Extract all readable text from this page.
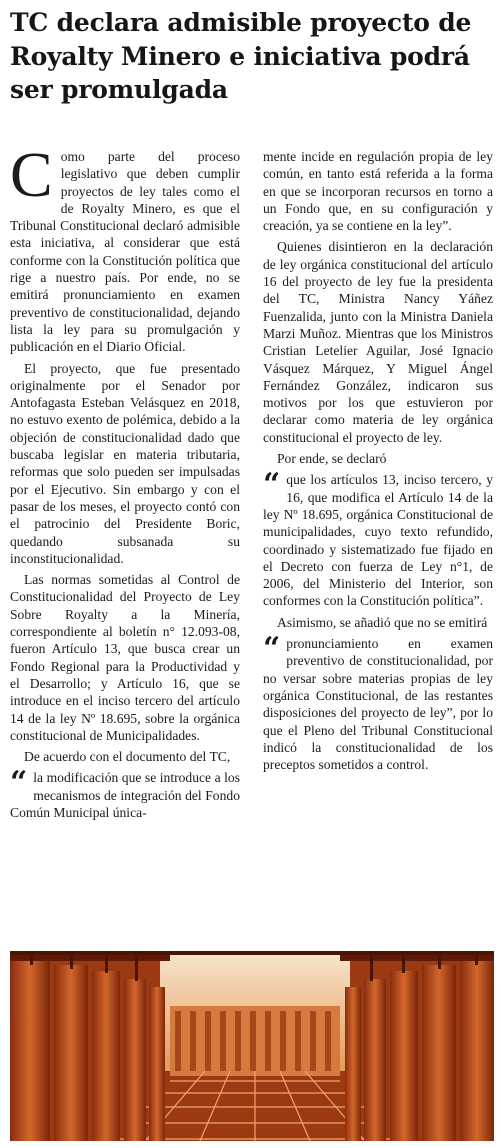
TC declara admisible proyecto de Royalty Minero e iniciativa podrá ser promulgada

Como parte del proceso legislativo que deben cumplir proyectos de ley tales como el de Royalty Minero, es que el Tribunal Constitucional declaró admisible esta iniciativa, al considerar que está conforme con la Constitución política que rige a nuestro país. Por ende, no se emitirá pronunciamiento en examen preventivo de constitucionalidad, dejando lista la ley para su promulgación y publicación en el Diario Oficial.

El proyecto, que fue presentado originalmente por el Senador por Antofagasta Esteban Velásquez en 2018, no estuvo exento de polémica, debido a la objeción de constitucionalidad dado que buscaba legislar en materia tributaria, reformas que solo pueden ser impulsadas por el Ejecutivo. Sin embargo y con el pasar de los meses, el proyecto contó con el patrocinio del Presidente Boric, quedando subsanada su inconstitucionalidad.

Las normas sometidas al Control de Constitucionalidad del Proyecto de Ley Sobre Royalty a la Minería, correspondiente al boletín n° 12.093-08, fueron Artículo 13, que busca crear un Fondo Regional para la Productividad y el Desarrollo; y Artículo 16, que se introduce en el inciso tercero del artículo 14 de la ley Nº 18.695, sobre la orgánica constitucional de Municipalidades.

De acuerdo con el documento del TC,

“ la modificación que se introduce a los mecanismos de integración del Fondo Común Municipal única-

mente incide en regulación propia de ley común, en tanto está referida a la forma en que se incorporan recursos en torno a un Fondo que, en su configuración y creación, ya se contiene en la ley”.

Quienes disintieron en la declaración de ley orgánica constitucional del artículo 16 del proyecto de ley fue la presidenta del TC, Ministra Nancy Yáñez Fuenzalida, junto con la Ministra Daniela Marzi Muñoz. Mientras que los Ministros Cristian Letelier Aguilar, José Ignacio Vásquez Márquez, Y Miguel Ángel Fernández González, indicaron sus motivos por los que estuvieron por declarar como materia de ley orgánica constitucional el proyecto de ley.

Por ende, se declaró

“ que los artículos 13, inciso tercero, y 16, que modifica el Artículo 14 de la ley Nº 18.695, orgánica Constitucional de municipalidades, cuyo texto refundido, coordinado y sistematizado fue fijado en el Decreto con fuerza de Ley n°1, de 2006, del Ministerio del Interior, son conformes con la Constitución política”.

Asimismo, se añadió que no se emitirá

“ pronunciamiento en examen preventivo de constitucionalidad, por no versar sobre materias propias de ley orgánica Constitucional, de las restantes disposiciones del proyecto de ley”, por lo que el Pleno del Tribunal Constitucional indicó la constitucionalidad de los preceptos sometidos a control.
